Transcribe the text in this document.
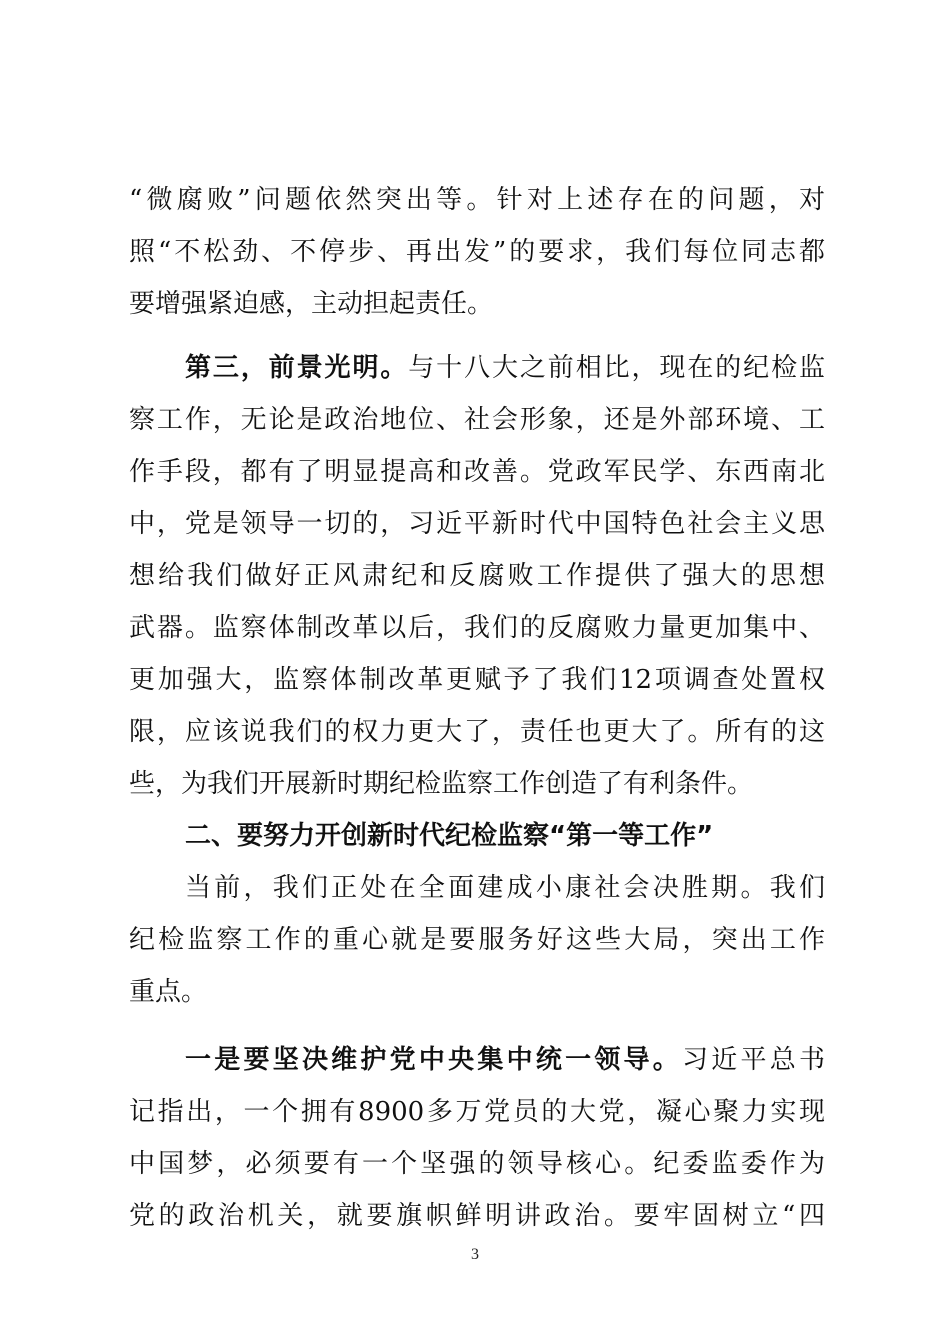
“微腐败”问题依然突出等。针对上述存在的问题，对
照“不松劲、不停步、再出发”的要求，我们每位同志都
要增强紧迫感，主动担起责任。
第三，前景光明。与十八大之前相比，现在的纪检监
察工作，无论是政治地位、社会形象，还是外部环境、工
作手段，都有了明显提高和改善。党政军民学、东西南北
中，党是领导一切的，习近平新时代中国特色社会主义思
想给我们做好正风肃纪和反腐败工作提供了强大的思想
武器。监察体制改革以后，我们的反腐败力量更加集中、
更加强大，监察体制改革更赋予了我们12项调查处置权
限，应该说我们的权力更大了，责任也更大了。所有的这
些，为我们开展新时期纪检监察工作创造了有利条件。
二、要努力开创新时代纪检监察“第一等工作”
当前，我们正处在全面建成小康社会决胜期。我们
纪检监察工作的重心就是要服务好这些大局，突出工作
重点。
一是要坚决维护党中央集中统一领导。习近平总书
记指出，一个拥有8900多万党员的大党，凝心聚力实现
中国梦，必须要有一个坚强的领导核心。纪委监委作为
党的政治机关，就要旗帜鲜明讲政治。要牢固树立“四
3
